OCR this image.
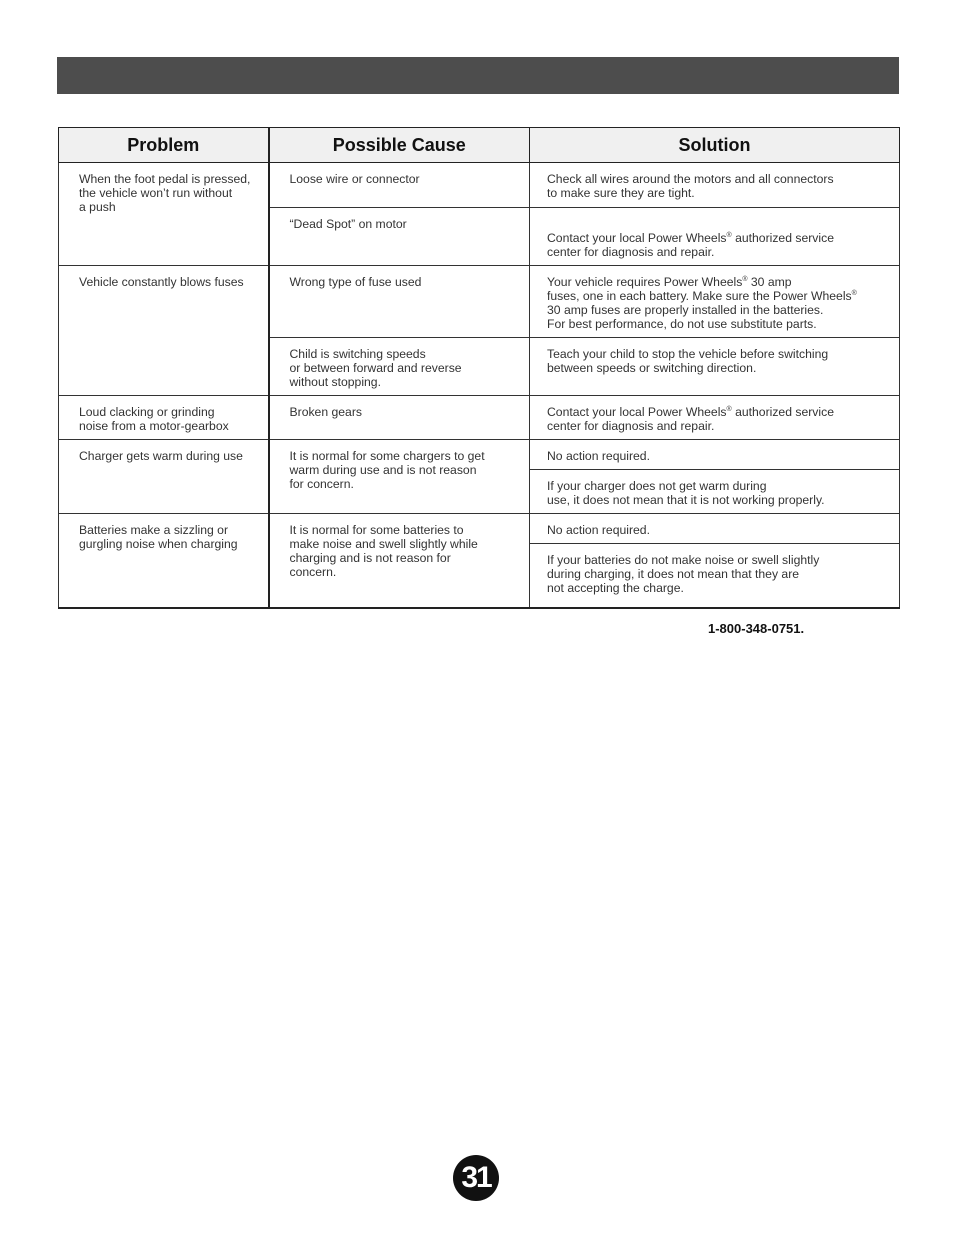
Problem	Possible Cause	Solution
When the foot pedal is pressed,
the vehicle won’t run without
a push	Loose wire or connector	Check all wires around the motors and all connectors
to make sure they are tight.
	“Dead Spot” on motor	Contact your local Power Wheels® authorized service
center for diagnosis and repair.

Vehicle constantly blows fuses	Wrong type of fuse used	Your vehicle requires Power Wheels® 30 amp
fuses, one in each battery. Make sure the Power Wheels®
30 amp fuses are properly installed in the batteries.
For best performance, do not use substitute parts.
	Child is switching speeds
or between forward and reverse
without stopping.	Teach your child to stop the vehicle before switching
between speeds or switching direction.
Loud clacking or grinding
noise from a motor-gearbox	Broken gears	Contact your local Power Wheels® authorized service
center for diagnosis and repair.
Charger gets warm during use	It is normal for some chargers to get
warm during use and is not reason
for concern.	No action required.
		If your charger does not get warm during
use, it does not mean that it is not working properly.
Batteries make a sizzling or
gurgling noise when charging	It is normal for some batteries to
make noise and swell slightly while
charging and is not reason for
concern.	No action required.
		If your batteries do not make noise or swell slightly
during charging, it does not mean that they are
not accepting the charge.
1-800-348-0751.
31
